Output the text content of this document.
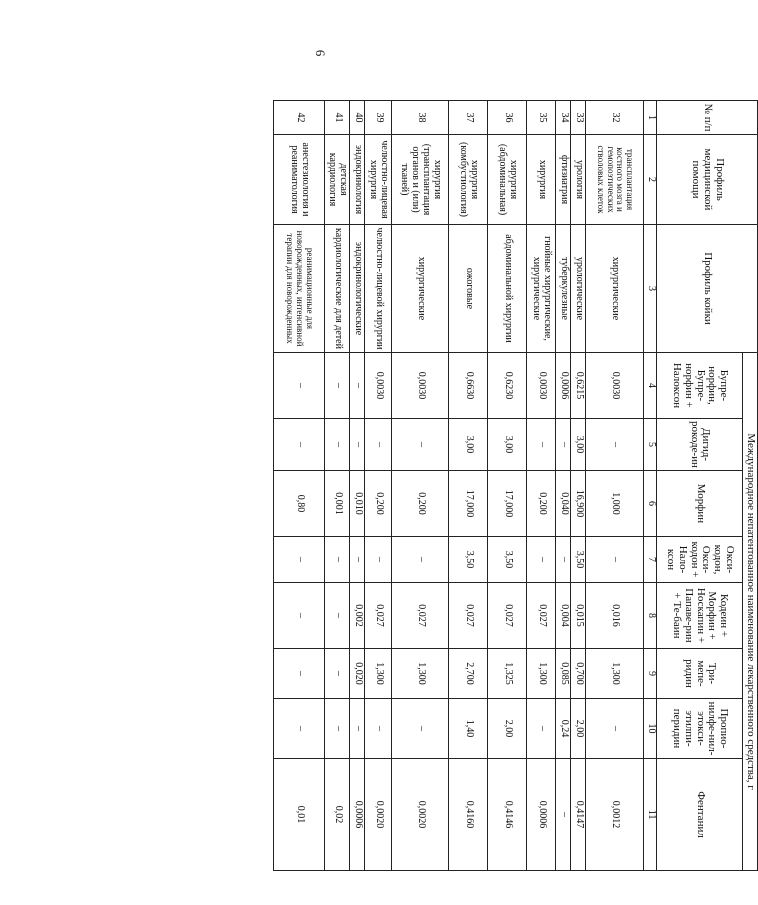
6
№ п/п	Профиль медицинской помощи	Профиль койки	Международное непатентованное наименование лекарственного средства, г							
			Бупре-норфин, Бупре-норфин + Налоксон	Дигид-рокоде-ин	Морфин	Окси-кодон, Окси-кодон + Нало-ксон	Кодеин + Морфин + Носкапин + Папаве-рин + Те-баин	Три-мепе-ридин	Пропио-нилфе-нил-этокси-этилпи-перидин	Фентанил
1	2	3	4	5	6	7	8	9	10	11
32	трансплантация костного мозга и гемопоэтических стволовых клеток	хирургические	0,0030	–	1,000	–	0,016	1,300	–	0,0012
33	урология	урологические	0,6215	3,00	16,900	3,50	0,015	0,700	2,00	0,4147
34	фтизиатрия	туберкулезные	0,0006	–	0,040	–	0,004	0,085	0,24	–
35	хирургия	гнойные хирургические, хирургические	0,0030	–	0,200	–	0,027	1,300	–	0,0006
36	хирургия (абдоминальная)	абдоминальной хирургии	0,6230	3,00	17,000	3,50	0,027	1,325	2,00	0,4146
37	хирургия (комбустиология)	ожоговые	0,6630	3,00	17,000	3,50	0,027	2,700	1,40	0,4160
38	хирургия (трансплантация органов и (или) тканей)	хирургические	0,0030	–	0,200	–	0,027	1,300	–	0,0020
39	челюстно-лицевая хирургия	челюстно-лицевой хирургии	0,0030	–	0,200	–	0,027	1,300	–	0,0020
40	эндокринология	эндокринологические	–	–	0,010	–	0,002	0,020	–	0,0006
41	детская кардиология	кардиологические для детей	–	–	0,001	–	–	–	–	0,02
42	анестезиология и реаниматология	реанимационные для новорожденных, интенсивной терапии для новорожденных	–	–	0,80	–	–	–	–	0,01
